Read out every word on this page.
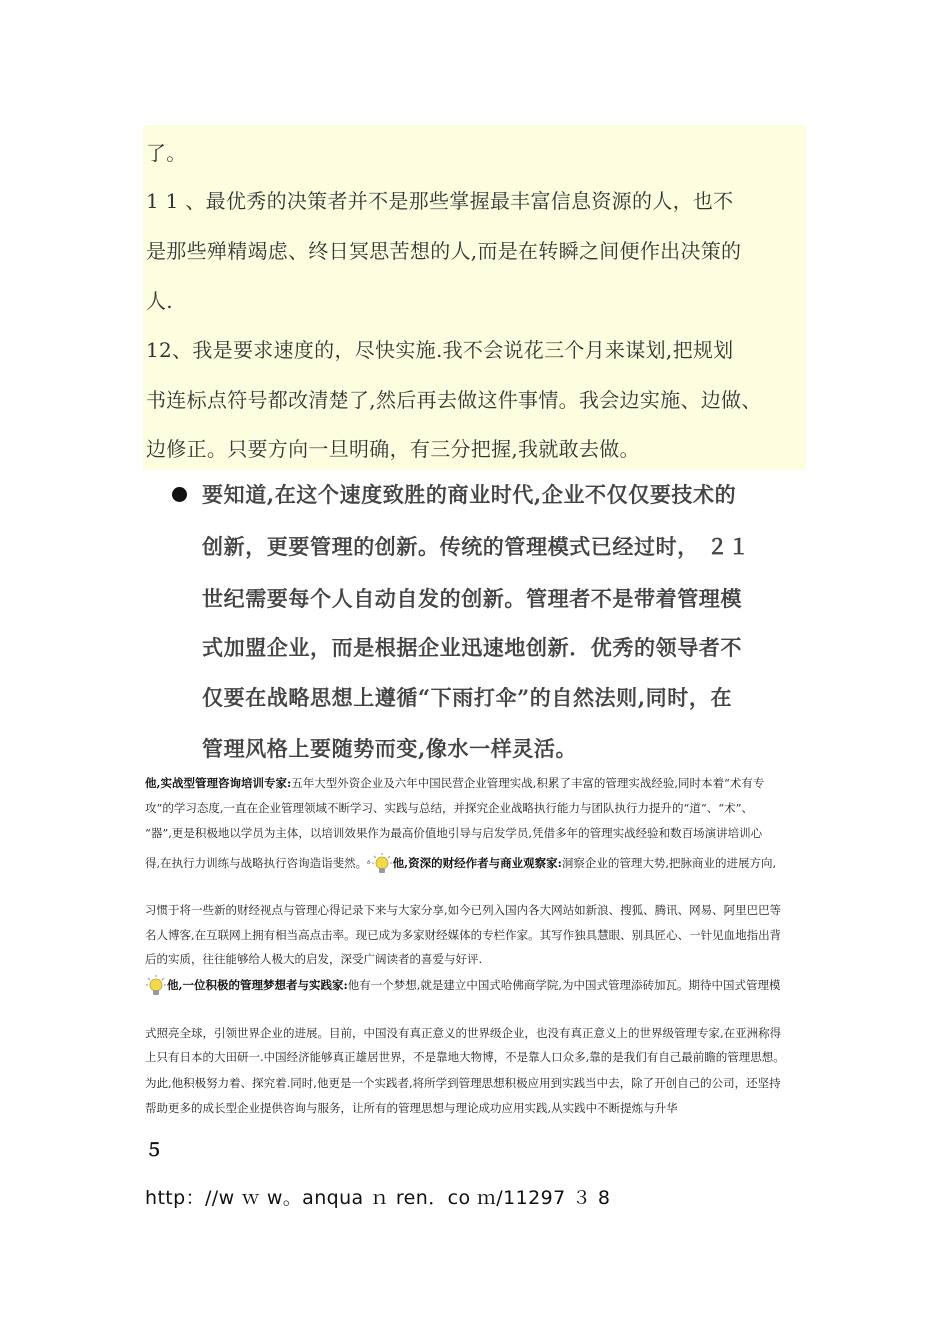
了。
1 1 、最优秀的决策者并不是那些掌握最丰富信息资源的人，也不
是那些殚精竭虑、终日冥思苦想的人,而是在转瞬之间便作出决策的
人.
12、我是要求速度的，尽快实施.我不会说花三个月来谋划,把规划
书连标点符号都改清楚了,然后再去做这件事情。我会边实施、边做、
边修正。只要方向一旦明确，有三分把握,我就敢去做。
要知道,在这个速度致胜的商业时代,企业不仅仅要技术的
创新，更要管理的创新。传统的管理模式已经过时， ２１
世纪需要每个人自动自发的创新。管理者不是带着管理模
式加盟企业，而是根据企业迅速地创新．优秀的领导者不
仅要在战略思想上遵循“下雨打伞”的自然法则,同时，在
管理风格上要随势而变,像水一样灵活。
他,实战型管理咨询培训专家:五年大型外资企业及六年中国民营企业管理实战,积累了丰富的管理实战经验,同时本着“术有专
攻”的学习态度,一直在企业管理领域不断学习、实践与总结，并探究企业战略执行能力与团队执行力提升的“道“、“术”、
“器”,更是积极地以学员为主体，以培训效果作为最高价值地引导与启发学员,凭借多年的管理实战经验和数百场演讲培训心
得,在执行力训练与战略执行咨询造诣斐然。ᵟ 他,资深的财经作者与商业观察家:洞察企业的管理大势,把脉商业的进展方向,
习惯于将一些新的财经视点与管理心得记录下来与大家分享,如今已列入国内各大网站如新浪、搜狐、腾讯、网易、阿里巴巴等
名人博客,在互联网上拥有相当高点击率。现已成为多家财经媒体的专栏作家。其写作独具慧眼、别具匠心、一针见血地指出背
后的实质，往往能够给人极大的启发，深受广阔读者的喜爱与好评.
他,一位积极的管理梦想者与实践家:他有一个梦想,就是建立中国式哈佛商学院,为中国式管理添砖加瓦。期待中国式管理模
式照亮全球，引领世界企业的进展。目前，中国没有真正意义的世界级企业，也没有真正意义上的世界级管理专家,在亚洲称得
上只有日本的大田研一.中国经济能够真正雄居世界，不是靠地大物博，不是靠人口众多,靠的是我们有自己最前瞻的管理思想。
为此,他积极努力着、探究着.同时,他更是一个实践者,将所学到管理思想积极应用到实践当中去，除了开创自己的公司，还坚持
帮助更多的成长型企业提供咨询与服务，让所有的管理思想与理论成功应用实践,从实践中不断提炼与升华
５
http：//w ｗ w。anqua ｎ ren．co ｍ/11297 ３ 8
